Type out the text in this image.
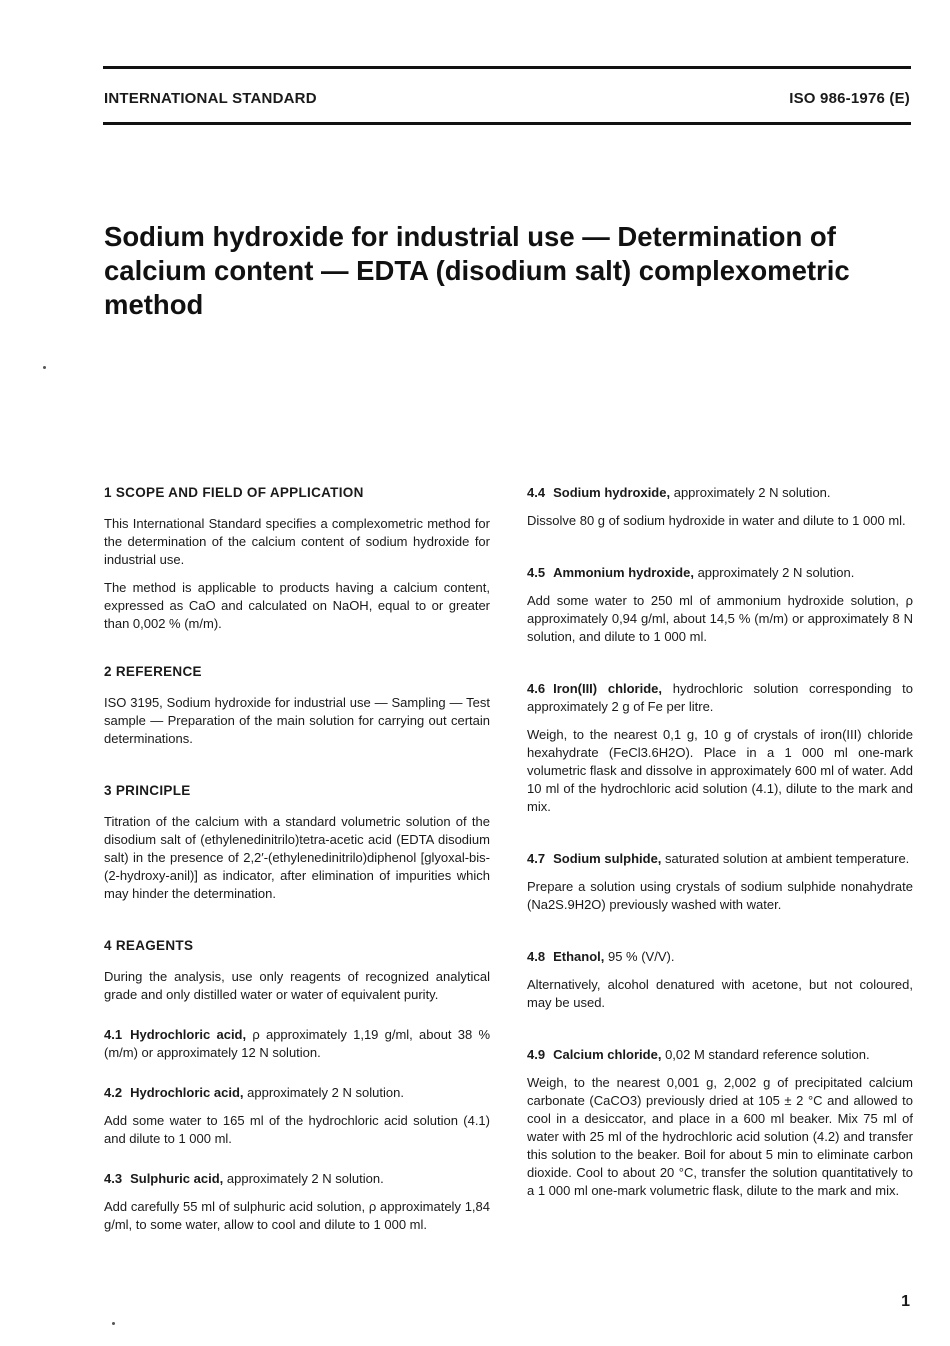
INTERNATIONAL STANDARD	ISO 986-1976 (E)
Sodium hydroxide for industrial use — Determination of calcium content — EDTA (disodium salt) complexometric method
1 SCOPE AND FIELD OF APPLICATION

This International Standard specifies a complexometric method for the determination of the calcium content of sodium hydroxide for industrial use.

The method is applicable to products having a calcium content, expressed as CaO and calculated on NaOH, equal to or greater than 0,002 % (m/m).

2 REFERENCE

ISO 3195, Sodium hydroxide for industrial use — Sampling — Test sample — Preparation of the main solution for carrying out certain determinations.

3 PRINCIPLE

Titration of the calcium with a standard volumetric solution of the disodium salt of (ethylenedinitrilo)tetra-acetic acid (EDTA disodium salt) in the presence of 2,2′-(ethylenedinitrilo)diphenol [glyoxal-bis-(2-hydroxy-anil)] as indicator, after elimination of impurities which may hinder the determination.

4 REAGENTS

During the analysis, use only reagents of recognized analytical grade and only distilled water or water of equivalent purity.

4.1 Hydrochloric acid, ρ approximately 1,19 g/ml, about 38 % (m/m) or approximately 12 N solution.

4.2 Hydrochloric acid, approximately 2 N solution.

Add some water to 165 ml of the hydrochloric acid solution (4.1) and dilute to 1 000 ml.

4.3 Sulphuric acid, approximately 2 N solution.

Add carefully 55 ml of sulphuric acid solution, ρ approximately 1,84 g/ml, to some water, allow to cool and dilute to 1 000 ml.

4.4 Sodium hydroxide, approximately 2 N solution.

Dissolve 80 g of sodium hydroxide in water and dilute to 1 000 ml.

4.5 Ammonium hydroxide, approximately 2 N solution.

Add some water to 250 ml of ammonium hydroxide solution, ρ approximately 0,94 g/ml, about 14,5 % (m/m) or approximately 8 N solution, and dilute to 1 000 ml.

4.6 Iron(III) chloride, hydrochloric solution corresponding to approximately 2 g of Fe per litre.

Weigh, to the nearest 0,1 g, 10 g of crystals of iron(III) chloride hexahydrate (FeCl3.6H2O). Place in a 1 000 ml one-mark volumetric flask and dissolve in approximately 600 ml of water. Add 10 ml of the hydrochloric acid solution (4.1), dilute to the mark and mix.

4.7 Sodium sulphide, saturated solution at ambient temperature.

Prepare a solution using crystals of sodium sulphide nonahydrate (Na2S.9H2O) previously washed with water.

4.8 Ethanol, 95 % (V/V).

Alternatively, alcohol denatured with acetone, but not coloured, may be used.

4.9 Calcium chloride, 0,02 M standard reference solution.

Weigh, to the nearest 0,001 g, 2,002 g of precipitated calcium carbonate (CaCO3) previously dried at 105 ± 2 °C and allowed to cool in a desiccator, and place in a 600 ml beaker. Mix 75 ml of water with 25 ml of the hydrochloric acid solution (4.2) and transfer this solution to the beaker. Boil for about 5 min to eliminate carbon dioxide. Cool to about 20 °C, transfer the solution quantitatively to a 1 000 ml one-mark volumetric flask, dilute to the mark and mix.

1
